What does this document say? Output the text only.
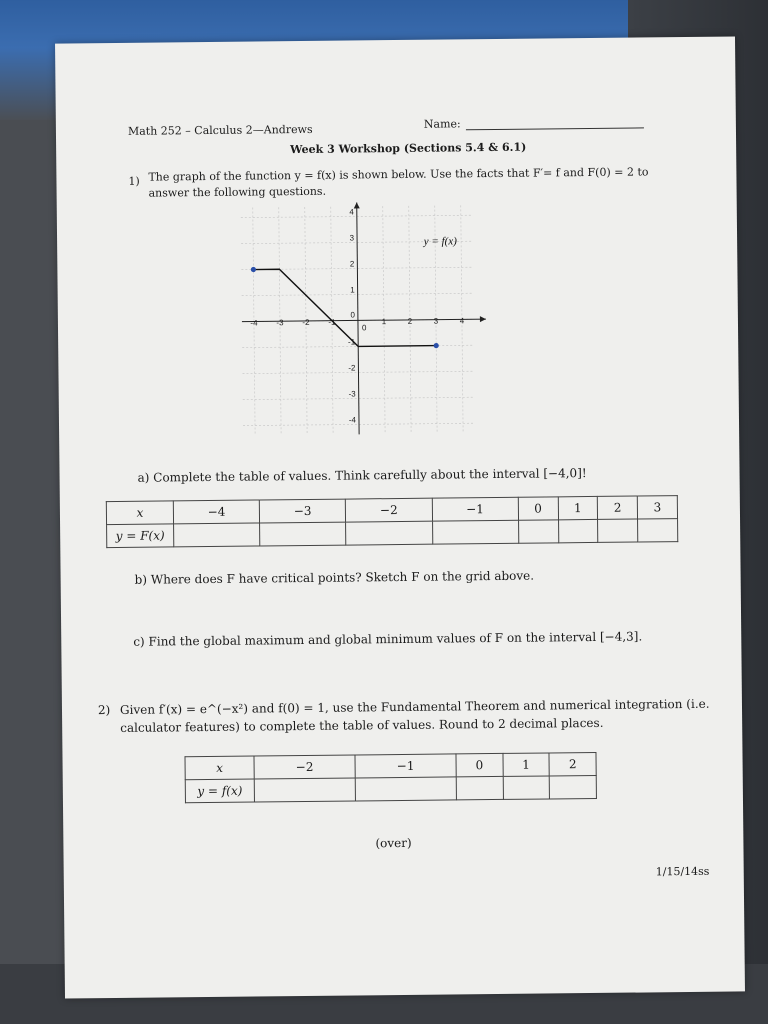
Math 252 – Calculus 2—Andrews	Name:
Week 3 Workshop (Sections 5.4 & 6.1)
1) The graph of the function y = f(x) is shown below. Use the facts that F′= f and F(0) = 2 to
answer the following questions.
-4 -3 -2 -1	1	2	3	4
4
3
2
1
0
0
-1
-2
-3
-4
y = f(x)
a) Complete the table of values. Think carefully about the interval [−4,0]!
x	−4	−3	−2	−1	0	1	2	3
y = F(x)								
b) Where does F have critical points? Sketch F on the grid above.
c) Find the global maximum and global minimum values of F on the interval [−4,3].
2) Given f′(x) = e^(−x²) and f(0) = 1, use the Fundamental Theorem and numerical integration (i.e.
calculator features) to complete the table of values. Round to 2 decimal places.
x	−2	−1	0	1	2
y = f(x)					
(over)
1/15/14ss
